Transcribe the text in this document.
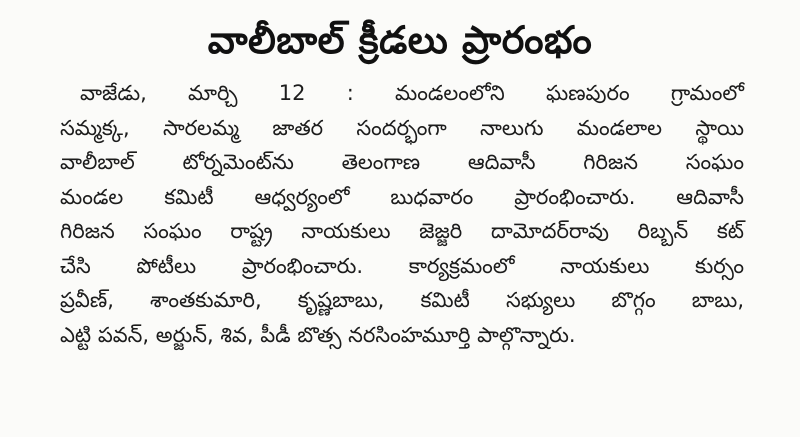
వాలీబాల్ క్రీడలు ప్రారంభం
వాజేడు, మార్చి 12 : మండలంలోని ఘణపురం గ్రామంలో
సమ్మక్క, సారలమ్మ జాతర సందర్భంగా నాలుగు మండలాల స్థాయి
వాలీబాల్ టోర్నమెంట్‌ను తెలంగాణ ఆదివాసీ గిరిజన సంఘం
మండల కమిటీ ఆధ్వర్యంలో బుధవారం ప్రారంభించారు. ఆదివాసీ
గిరిజన సంఘం రాష్ట్ర నాయకులు జెజ్జరి దామోదర్‌రావు రిబ్బన్ కట్
చేసి పోటీలు ప్రారంభించారు. కార్యక్రమంలో నాయకులు కుర్సం
ప్రవీణ్, శాంతకుమారి, కృష్ణబాబు, కమిటీ సభ్యులు బొగ్గం బాబు,
ఎట్టి పవన్, అర్జున్, శివ, పీడీ బొత్స నరసింహమూర్తి పాల్గొన్నారు.
